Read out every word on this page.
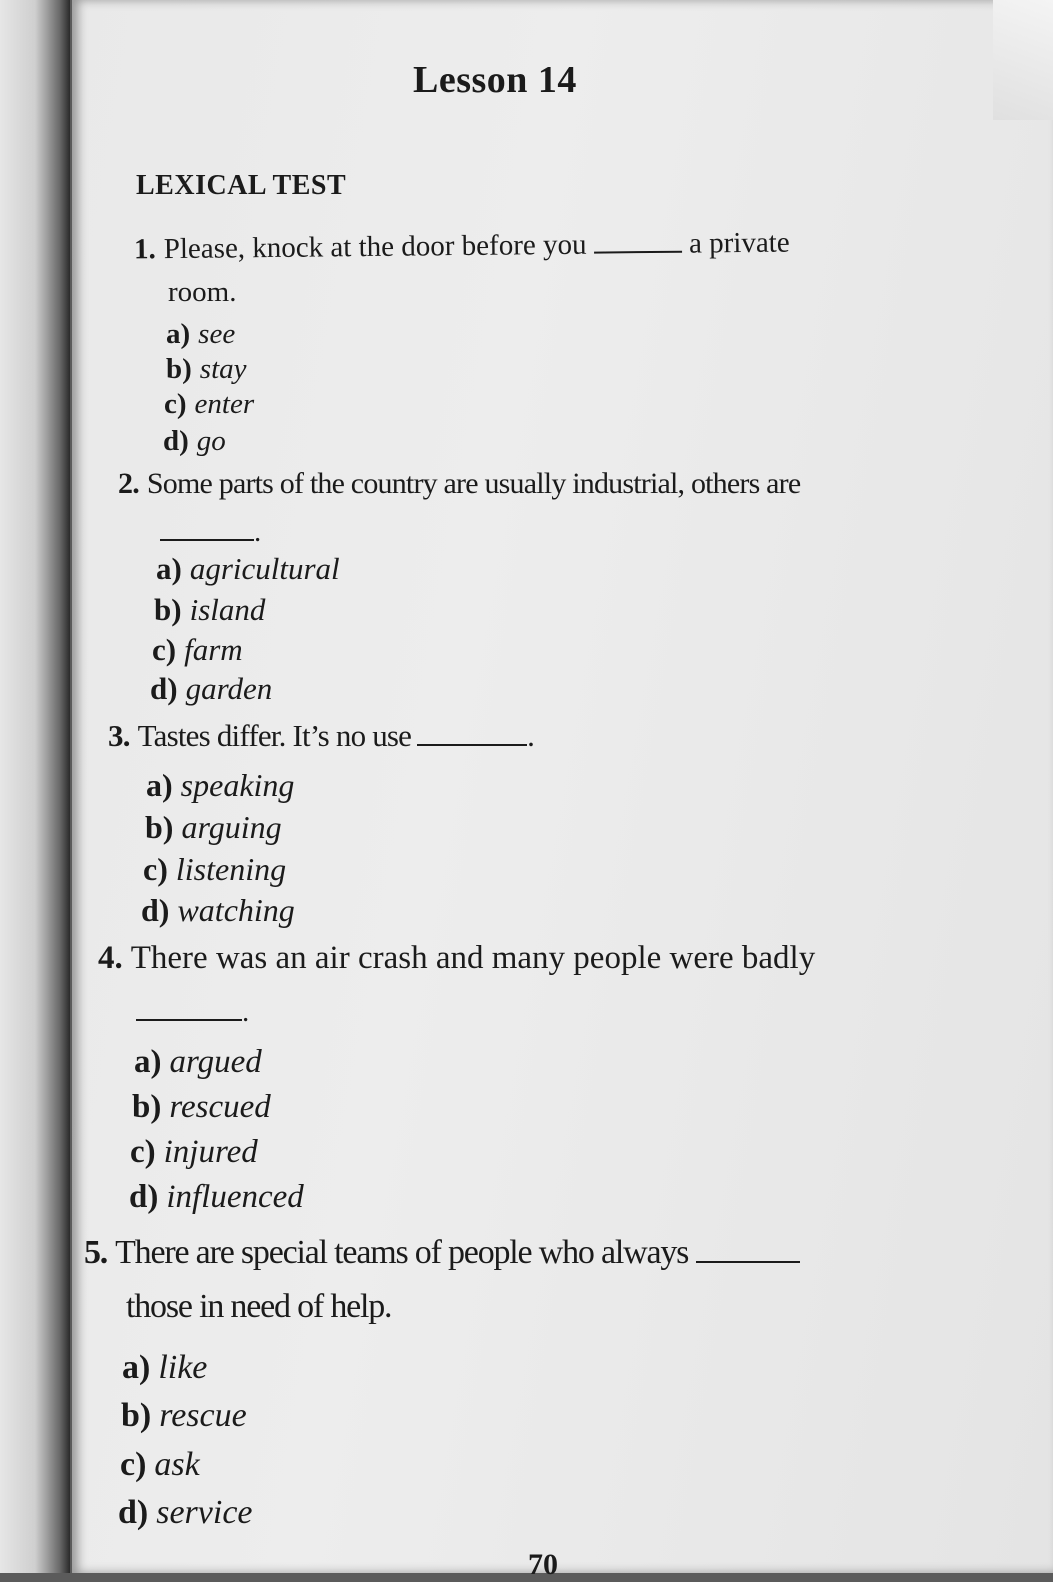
Lesson 14
LEXICAL TEST
1. Please, knock at the door before you	a private
room.
a) see
b) stay
c) enter
d) go
2. Some parts of the country are usually industrial, others are
.
a) agricultural
b) island
c) farm
d) garden
3. Tastes differ. It’s no use	.
a) speaking
b) arguing
c) listening
d) watching
4. There was an air crash and many people were badly
.
a) argued
b) rescued
c) injured
d) influenced
5. There are special teams of people who always
those in need of help.
a) like
b) rescue
c) ask
d) service
70
